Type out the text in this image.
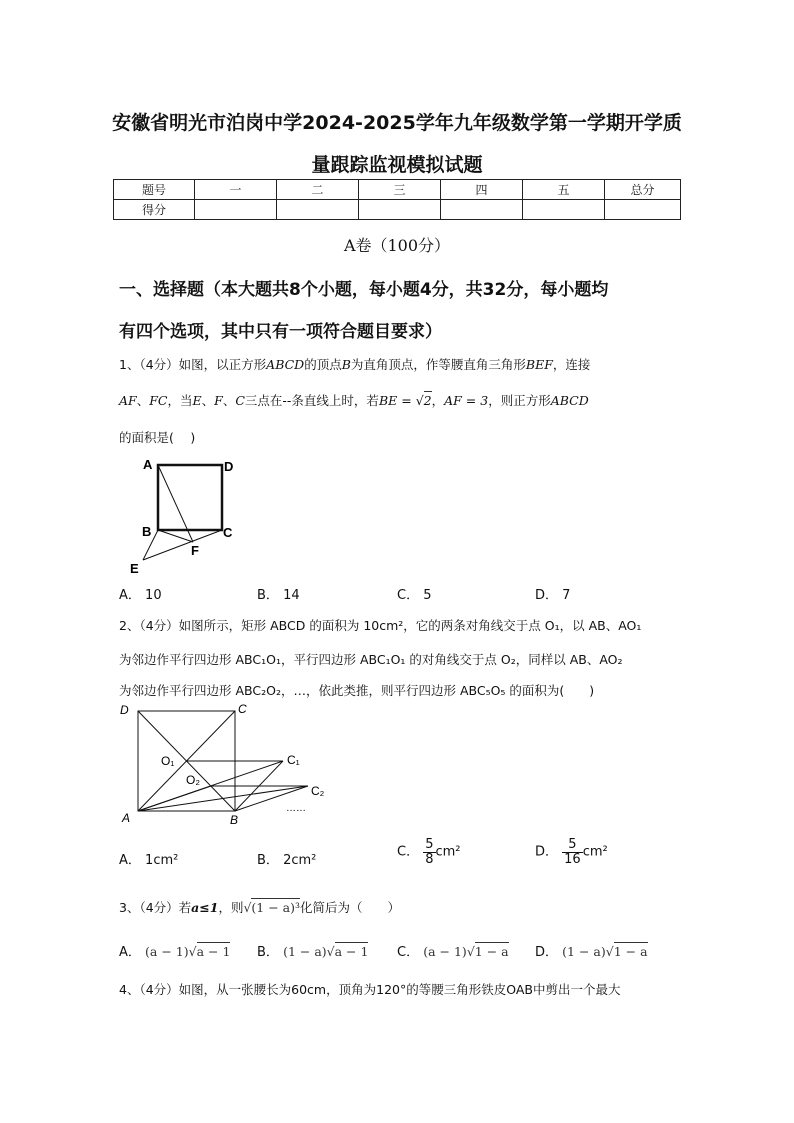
安徽省明光市泊岗中学2024-2025学年九年级数学第一学期开学质
量跟踪监视模拟试题
题号	一	二	三	四	五	总分
得分						
A卷（100分）
一、选择题（本大题共8个小题，每小题4分，共32分，每小题均
有四个选项，其中只有一项符合题目要求）
1、（4分）如图，以正方形ABCD的顶点B为直角顶点，作等腰直角三角形BEF，连接
AF、FC，当E、F、C三点在--条直线上时，若BE = √2，AF = 3，则正方形ABCD
的面积是(　 )
A	D
B	C
E
F
A． 10	B． 14	C． 5	D． 7
2、（4分）如图所示，矩形 ABCD 的面积为 10cm²，它的两条对角线交于点 O₁，以 AB、AO₁
为邻边作平行四边形 ABC₁O₁，平行四边形 ABC₁O₁ 的对角线交于点 O₂，同样以 AB、AO₂
为邻边作平行四边形 ABC₂O₂，…，依此类推，则平行四边形 ABC₅O₅ 的面积为(　　)
D	C
O₁	C₁
O₂
C₂
A	B
……
A． 1cm²	B． 2cm²
C． $\frac{5}{8} cm^2$	D． $\frac{5}{16} cm^2$
3、（4分）若a≤1，则√(1 − a)³化简后为（　　）
A． (a − 1)√a − 1 B． (1 − a)√a − 1 C． (a − 1)√1 − a D． (1 − a)√1 − a
4、（4分）如图，从一张腰长为60cm，顶角为120°的等腰三角形铁皮OAB中剪出一个最大
